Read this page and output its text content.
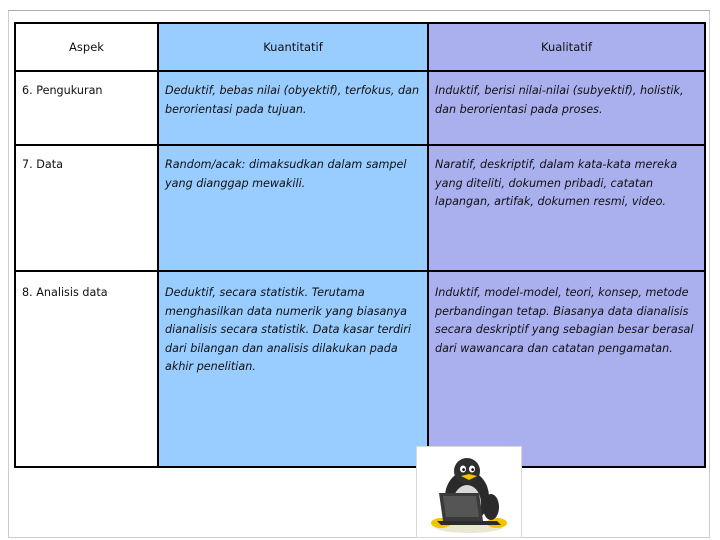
Aspek	Kuantitatif	Kualitatif
6. Pengukuran	Deduktif, bebas nilai (obyektif), terfokus, dan berorientasi pada tujuan.	Induktif, berisi nilai-nilai (subyektif), holistik, dan berorientasi pada proses.
7. Data	Random/acak: dimaksudkan dalam sampel yang dianggap mewakili.	Naratif, deskriptif, dalam kata-kata mereka yang diteliti, dokumen pribadi, catatan lapangan, artifak, dokumen resmi, video.
8. Analisis data	Deduktif, secara statistik. Terutama menghasilkan data numerik yang biasanya dianalisis secara statistik. Data kasar terdiri dari bilangan dan analisis dilakukan pada akhir penelitian.	Induktif, model-model, teori, konsep, metode perbandingan tetap. Biasanya data dianalisis secara deskriptif yang sebagian besar berasal dari wawancara dan catatan pengamatan.
